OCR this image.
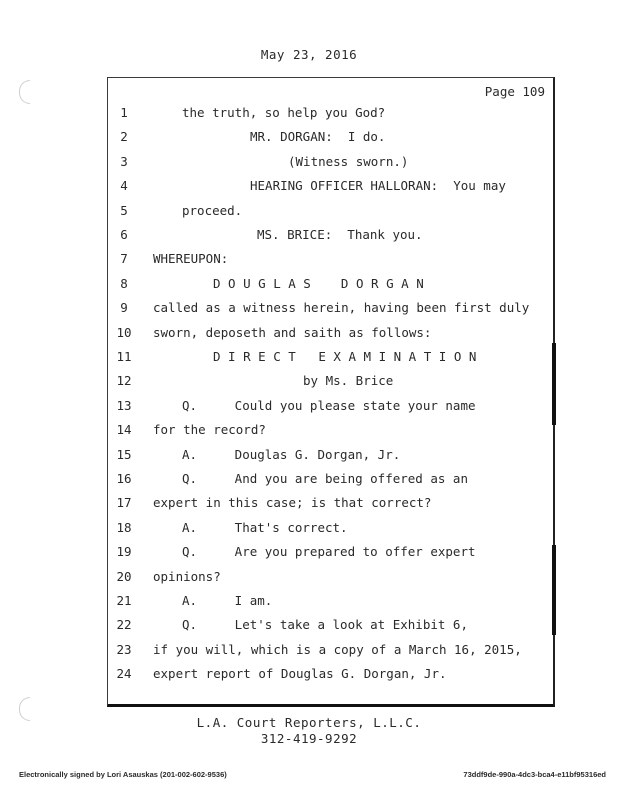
May 23, 2016
Page 109
1	the truth, so help you God?
2	MR. DORGAN:  I do.
3	(Witness sworn.)
4	HEARING OFFICER HALLORAN:  You may
5	proceed.
6	MS. BRICE:  Thank you.
7	WHEREUPON:
8	D O U G L A S    D O R G A N
9	called as a witness herein, having been first duly
10	sworn, deposeth and saith as follows:
11	D I R E C T   E X A M I N A T I O N
12	by Ms. Brice
13	Q.     Could you please state your name
14	for the record?
15	A.     Douglas G. Dorgan, Jr.
16	Q.     And you are being offered as an
17	expert in this case; is that correct?
18	A.     That's correct.
19	Q.     Are you prepared to offer expert
20	opinions?
21	A.     I am.
22	Q.     Let's take a look at Exhibit 6,
23	if you will, which is a copy of a March 16, 2015,
24	expert report of Douglas G. Dorgan, Jr.
L.A. Court Reporters, L.L.C.
312-419-9292
Electronically signed by Lori Asauskas (201-002-602-9536)	73ddf9de-990a-4dc3-bca4-e11bf95316ed
